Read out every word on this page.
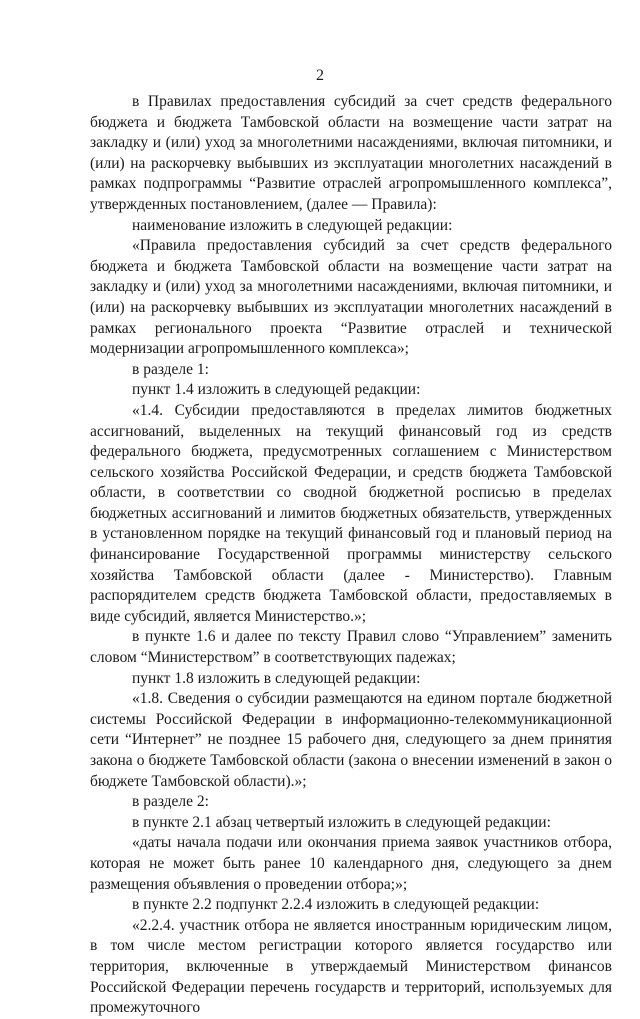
2

в Правилах предоставления субсидий за счет средств федерального бюджета и бюджета Тамбовской области на возмещение части затрат на закладку и (или) уход за многолетними насаждениями, включая питомники, и (или) на раскорчевку выбывших из эксплуатации многолетних насаждений в рамках подпрограммы “Развитие отраслей агропромышленного комплекса”, утвержденных постановлением, (далее — Правила):

наименование изложить в следующей редакции:

«Правила предоставления субсидий за счет средств федерального бюджета и бюджета Тамбовской области на возмещение части затрат на закладку и (или) уход за многолетними насаждениями, включая питомники, и (или) на раскорчевку выбывших из эксплуатации многолетних насаждений в рамках регионального проекта “Развитие отраслей и технической модернизации агропромышленного комплекса»;

в разделе 1:

пункт 1.4 изложить в следующей редакции:

«1.4. Субсидии предоставляются в пределах лимитов бюджетных ассигнований, выделенных на текущий финансовый год из средств федерального бюджета, предусмотренных соглашением с Министерством сельского хозяйства Российской Федерации, и средств бюджета Тамбовской области, в соответствии со сводной бюджетной росписью в пределах бюджетных ассигнований и лимитов бюджетных обязательств, утвержденных в установленном порядке на текущий финансовый год и плановый период на финансирование Государственной программы министерству сельского хозяйства Тамбовской области (далее - Министерство). Главным распорядителем средств бюджета Тамбовской области, предоставляемых в виде субсидий, является Министерство.»;

в пункте 1.6 и далее по тексту Правил слово “Управлением” заменить словом “Министерством” в соответствующих падежах;

пункт 1.8 изложить в следующей редакции:

«1.8. Сведения о субсидии размещаются на едином портале бюджетной системы Российской Федерации в информационно-телекоммуникационной сети “Интернет” не позднее 15 рабочего дня, следующего за днем принятия закона о бюджете Тамбовской области (закона о внесении изменений в закон о бюджете Тамбовской области).»;

в разделе 2:

в пункте 2.1 абзац четвертый изложить в следующей редакции:

«даты начала подачи или окончания приема заявок участников отбора, которая не может быть ранее 10 календарного дня, следующего за днем размещения объявления о проведении отбора;»;

в пункте 2.2 подпункт 2.2.4 изложить в следующей редакции:

«2.2.4. участник отбора не является иностранным юридическим лицом, в том числе местом регистрации которого является государство или территория, включенные в утверждаемый Министерством финансов Российской Федерации перечень государств и территорий, используемых для промежуточного
